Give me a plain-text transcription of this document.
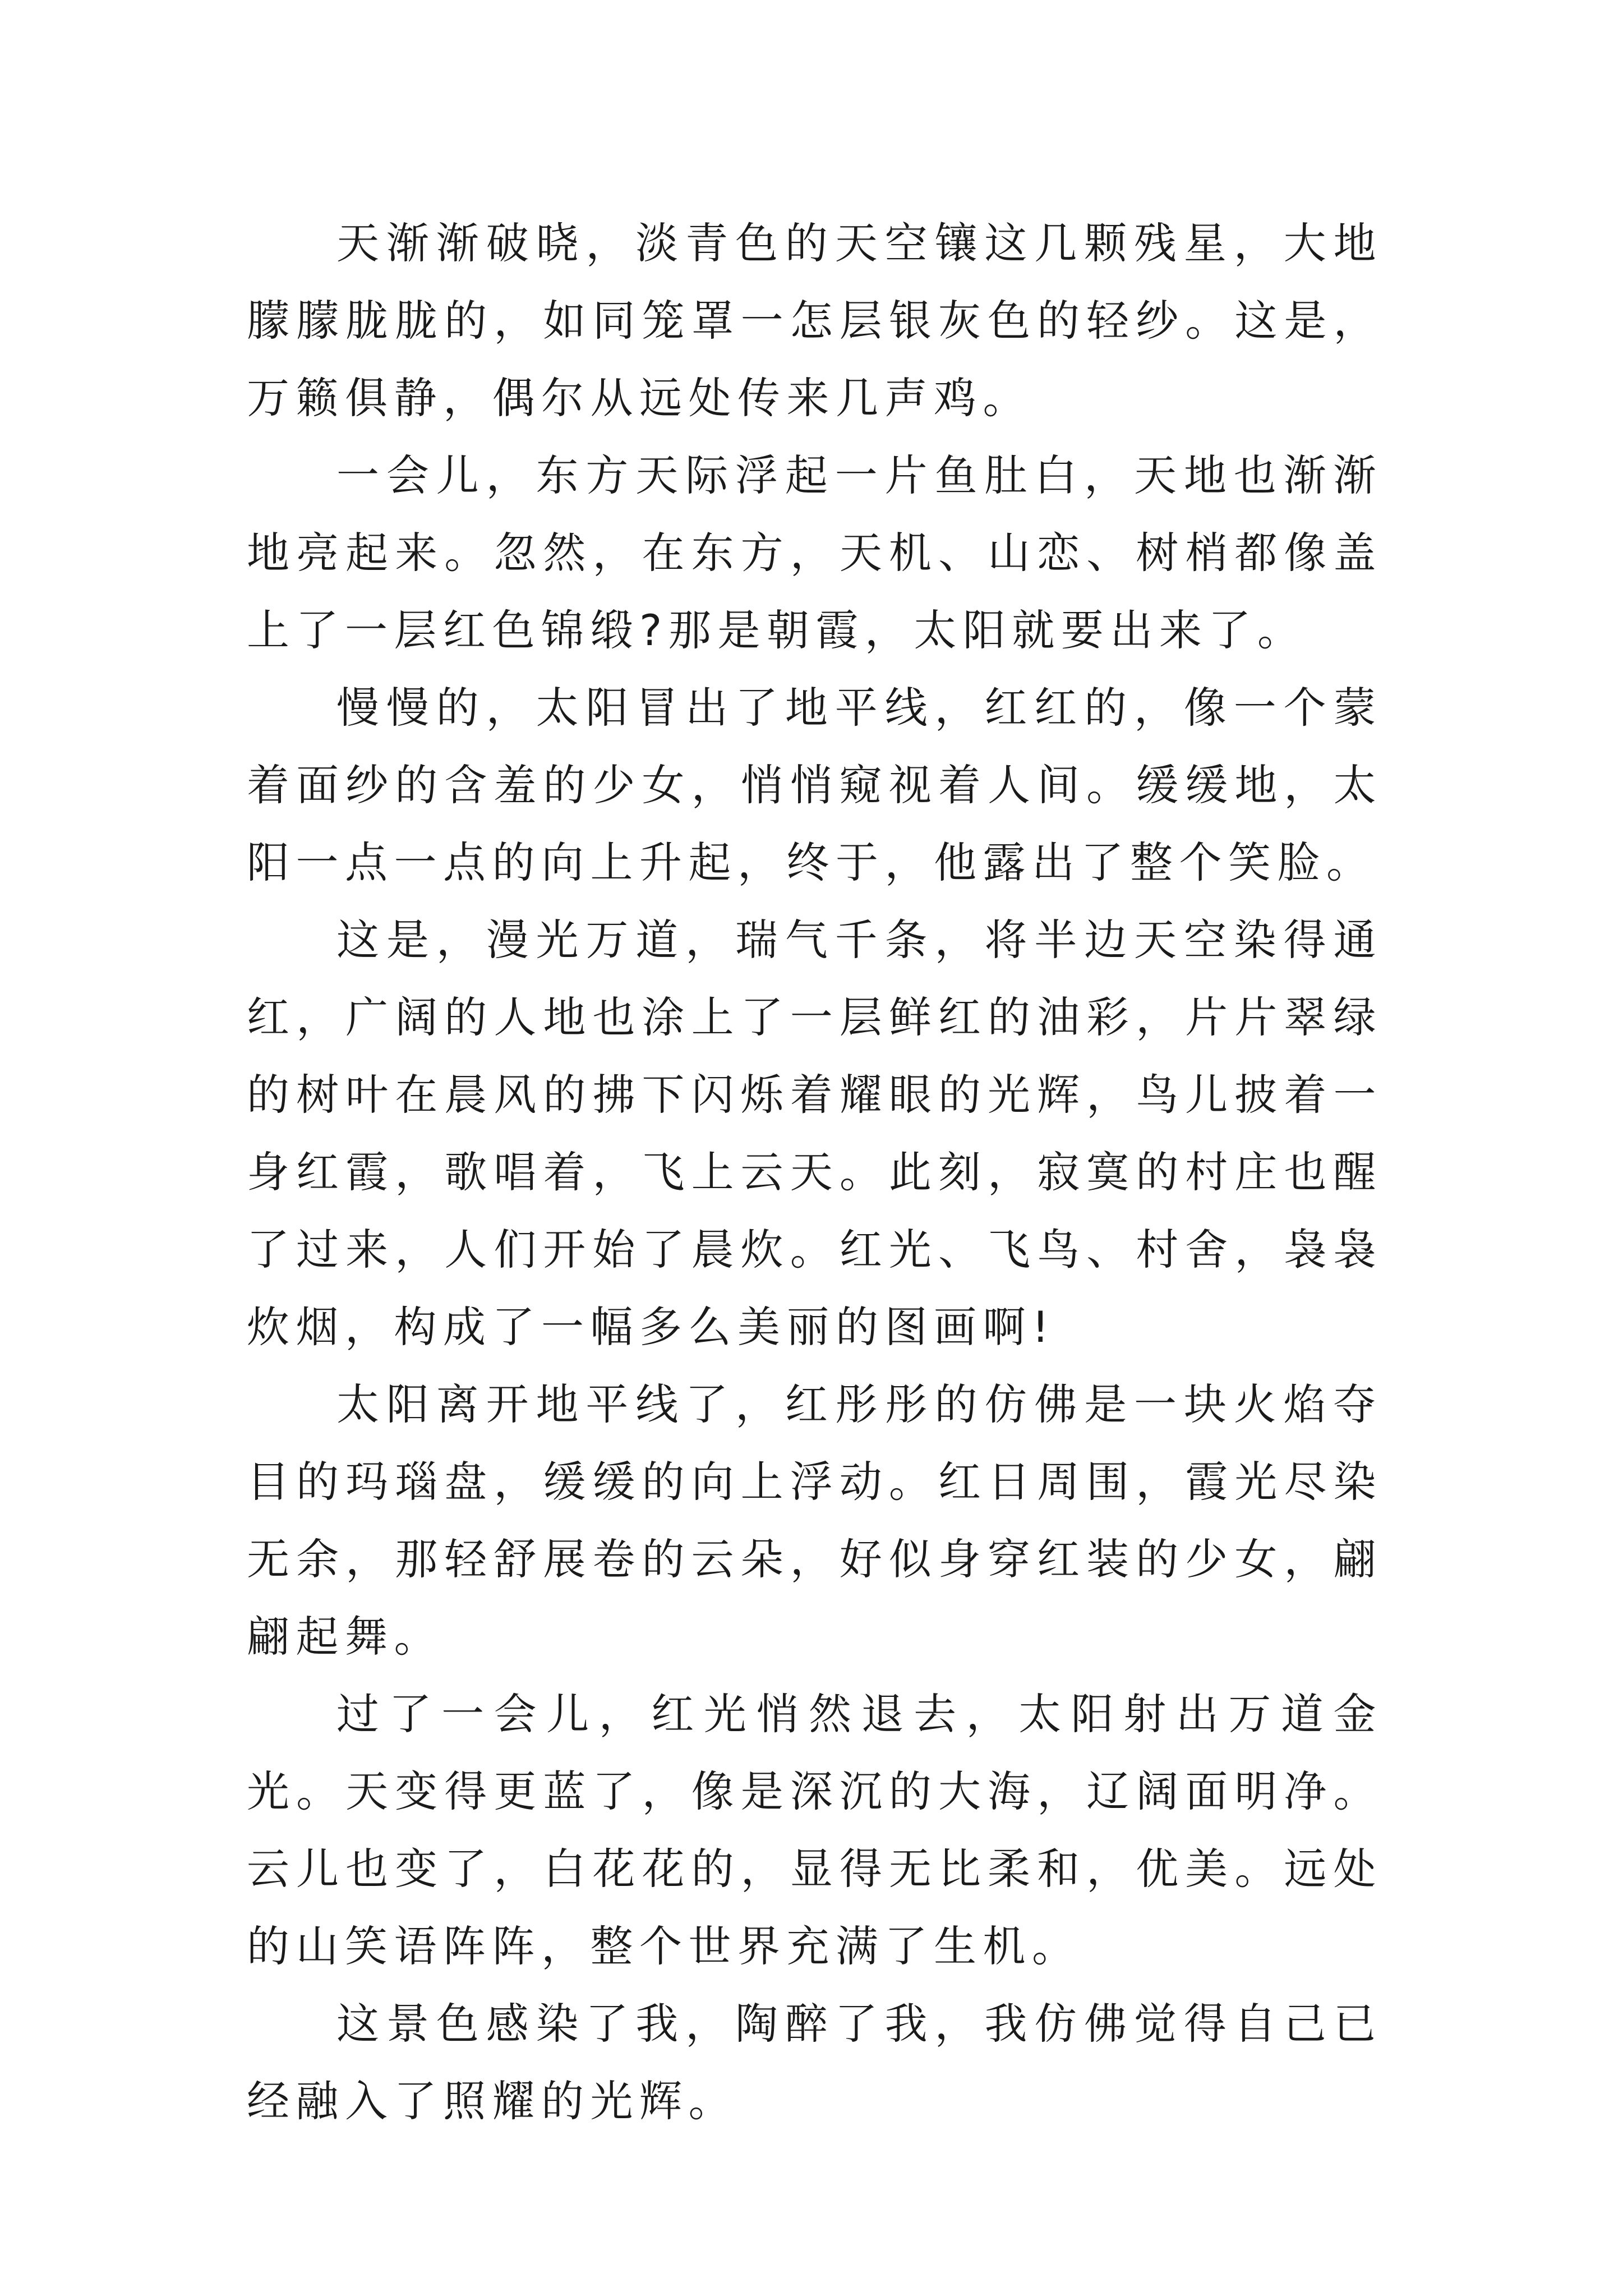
天渐渐破晓，淡青色的天空镶这几颗残星，大地朦朦胧胧的，如同笼罩一怎层银灰色的轻纱。这是，万籁俱静，偶尔从远处传来几声鸡。

一会儿，东方天际浮起一片鱼肚白，天地也渐渐地亮起来。忽然，在东方，天机、山恋、树梢都像盖上了一层红色锦缎?那是朝霞，太阳就要出来了。

慢慢的，太阳冒出了地平线，红红的，像一个蒙着面纱的含羞的少女，悄悄窥视着人间。缓缓地，太阳一点一点的向上升起，终于，他露出了整个笑脸。

这是，漫光万道，瑞气千条，将半边天空染得通红，广阔的人地也涂上了一层鲜红的油彩，片片翠绿的树叶在晨风的拂下闪烁着耀眼的光辉，鸟儿披着一身红霞，歌唱着，飞上云天。此刻，寂寞的村庄也醒了过来，人们开始了晨炊。红光、飞鸟、村舍，袅袅炊烟，构成了一幅多么美丽的图画啊!

太阳离开地平线了，红彤彤的仿佛是一块火焰夺目的玛瑙盘，缓缓的向上浮动。红日周围，霞光尽染无余，那轻舒展卷的云朵，好似身穿红装的少女，翩翩起舞。

过了一会儿，红光悄然退去，太阳射出万道金光。天变得更蓝了，像是深沉的大海，辽阔面明净。云儿也变了，白花花的，显得无比柔和，优美。远处的山笑语阵阵，整个世界充满了生机。

这景色感染了我，陶醉了我，我仿佛觉得自己已经融入了照耀的光辉。
